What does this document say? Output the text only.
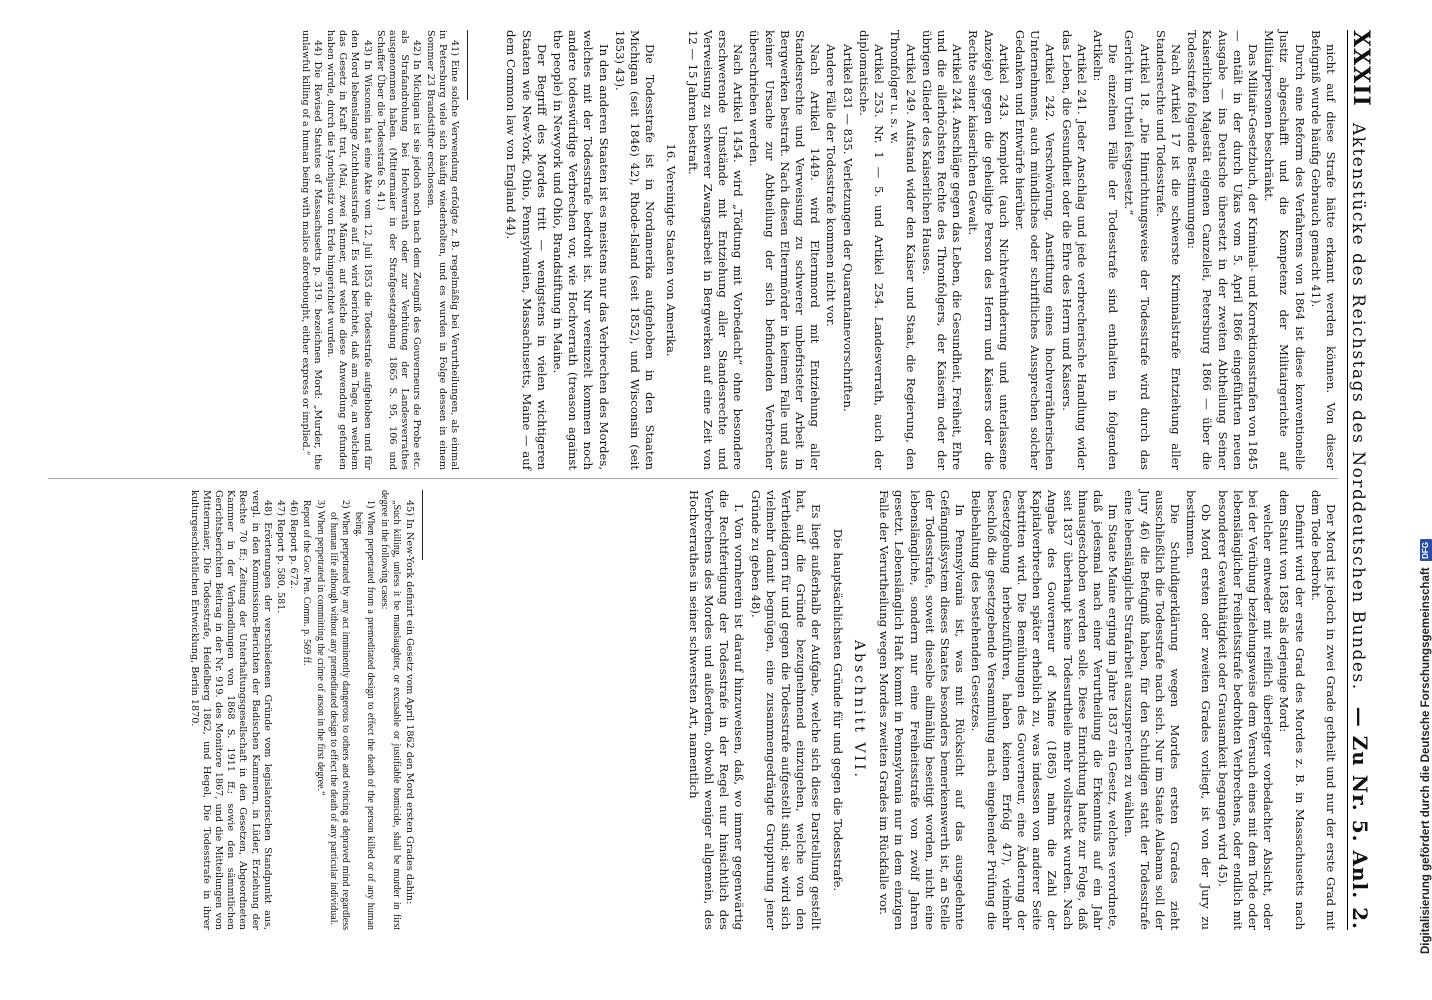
XXXII
Aktenstücke des Reichstags des Norddeutschen Bundes.
— Zu Nr. 5. Anl. 2.

nicht auf diese Strafe hätte erkannt werden können. Von dieser Befugniß wurde häufig Gebrauch gemacht 41).

Durch eine Reform des Verfahrens von 1864 ist diese konventionelle Justiz abgeschafft und die Kompetenz der Militairgerichte auf Militairpersonen beschränkt.

Das Militair-Gesetzbuch, der Kriminal- und Korrektionsstrafen von 1845 — entält in der durch Ukas vom 5. April 1866 eingeführten neuen Ausgabe — ins Deutsche übersetzt in der zweiten Abtheilung Seiner Kaiserlichen Majestät eigenen Canzellei, Petersburg 1866 — über die Todesstrafe folgende Bestimmungen:

Nach Artikel 17 ist die schwerste Kriminalstrafe Entziehung aller Standesrechte und Todesstrafe.

Artikel 18. „Die Hinrichtungsweise der Todesstrafe wird durch das Gericht im Urtheil festgesetzt.“

Die einzelnen Fälle der Todesstrafe sind enthalten in folgenden Artikeln:

Artikel 241. Jeder Anschlag und jede verbrecherische Handlung wider das Leben, die Gesundheit oder die Ehre des Herrn und Kaisers.

Artikel 242. Verschwörung, Anstiftung eines hochverrätherischen Unternehmens, auch mündliches oder schriftliches Aussprechen solcher Gedanken und Entwürfe hierüber.

Artikel 243. Komplott (auch Nichtverhinderung und unterlassene Anzeige) gegen die geheiligte Person des Herrn und Kaisers oder die Rechte seiner kaiserlichen Gewalt.

Artikel 244. Anschläge gegen das Leben, die Gesundheit, Freiheit, Ehre und die allerhöchsten Rechte des Thronfolgers, der Kaiserin oder der übrigen Glieder des Kaiserlichen Hauses.

Artikel 249. Aufstand wider den Kaiser und Staat, die Regierung, den Thronfolger u. s. w.

Artikel 253. Nr. 1 — 5. und Artikel 254. Landesverrath, auch der diplomatische.

Artikel 831 — 835. Verletzungen der Quarantainevorschriften.

Andere Fälle der Todesstrafe kommen nicht vor.

Nach Artikel 1449. wird Elternmord mit Entziehung aller Standesrechte und Verweisung zu schwerer unbefristeter Arbeit in Bergwerken bestraft. Nach diesen Elternmörder in keinem Falle und aus keiner Ursache zur Abtheilung der sich befindenden Verbrecher überschrieben werden.

Nach Artikel 1454. wird „Tödtung mit Vorbedacht“ ohne besondere erschwerende Umstände mit Entziehung aller Standesrechte und Verweisung zu schwerer Zwangsarbeit in Bergwerken auf eine Zeit von 12 — 15 Jahren bestraft.

16. Vereinigte Staaten von Amerika.

Die Todesstrafe ist in Nordamerika aufgehoben in den Staaten Michigan (seit 1846) 42), Rhode-Island (seit 1852), und Wisconsin (seit 1853) 43).

In den anderen Staaten ist es meistens nur das Verbrechen des Mordes, welches mit der Todesstrafe bedroht ist. Nur vereinzelt kommen noch andere todeswürdige Verbrechen vor, wie Hochverrath (treason against the people) in Newyork und Ohio, Brandstiftung in Maine.

Der Begriff des Mordes tritt — wenigstens in vielen wichtigeren Staaten wie New-York, Ohio, Pennsylvanien, Massachusetts, Maine — auf dem Common law von England 44).

41) Eine solche Verwendung erfolgte z. B. regelmäßig bei Verurtheilungen, als einmal in Petersburg viele sich häufig wiederholten, und es wurden in Folge dessen in einem Sommer 23 Brandstifter erschossen.

42) In Michigan ist sie jedoch noch nach dem Zeugniß des Gouverneurs de Probe etc. als Strafandrohung bei Hochverrath oder zur Verhütung der Landesverrathes ausgenommen haben. (Mittermaier in der Strafgesetzgebung 1865 S. 95, 106 und Schaffer Über die Todesstrafe S. 41.)

43) In Wisconsin hat eine Akte vom 12. Juli 1853 die Todesstrafe aufgehoben und für den Mord lebenslange Zuchthausstrafe auf. Es wird berichtet, daß am Tage, an welchem das Gesetz in Kraft trat, (Mai, zwei Männer, auf welche diese Anwendung gefunden haben würde, durch die Lynchjustiz von Erde hingerichtet wurden.

44) Die Revised Statutes of Massachusetts p. 319. bezeichnen Mord: „Murder, the unlawful killing of a human being with malice aforethought, either express or implied.“

Der Mord ist jedoch in zwei Grade getheilt und nur der erste Grad mit dem Tode bedroht.

Definirt wird der erste Grad des Mordes z. B. in Massachusetts nach dem Statut von 1858 als derjenige Mord:

welcher entweder mit reiflich überlegter vorbedachter Absicht, oder bei der Verübung beziehungsweise dem Versuch eines mit dem Tode oder lebenslänglicher Freiheitsstrafe bedrohten Verbrechens, oder endlich mit besonderer Gewaltthätigkeit oder Grausamkeit begangen wird 45).

Ob Mord ersten oder zweiten Grades vorliegt, ist von der Jury zu bestimmen.

Die Schuldigerklärung wegen Mordes ersten Grades zieht ausschließlich die Todesstrafe nach sich. Nur im Staate Alabama soll der Jury 46) die Befugniß haben, für den Schuldigen statt der Todesstrafe eine lebenslängliche Strafarbeit auszusprechen zu wählen.

Im Staate Maine erging im Jahre 1837 ein Gesetz, welches verordnete, daß jedesmal nach einer Verurtheilung die Erkenntnis auf ein Jahr hinausgeschoben werden solle. Diese Einrichtung hatte zur Folge, daß seit 1837 überhaupt keine Todesurtheile mehr vollstreckt wurden. Nach Angabe des Gouverneur of Maine (1865) nahm die Zahl der Kapitalverbrechen später erheblich zu, was indessen von anderer Seite bestritten wird. Die Bemühungen des Gouverneur, eine Änderung der Gesetzgebung herbeizuführen, haben keinen Erfolg 47), vielmehr beschloß die gesetzgebende Versammlung nach eingehender Prüfung die Beibehaltung des bestehenden Gesetzes.

In Pennsylvania ist, was mit Rücksicht auf das ausgedehnte Gefängnißsystem dieses Staates besonders bemerkenswerth ist, an Stelle der Todesstrafe, soweit dieselbe allmählig beseitigt worden, nicht eine lebenslängliche, sondern nur eine Freiheitsstrafe von zwölf Jahren gesetzt. Lebenslänglich Haft kommt in Pennsylvania nur in dem einzigen Falle der Verurtheilung wegen Mordes zweiten Grades im Rückfalle vor.

Abschnitt VII.

Die hauptsächlichsten Gründe für und gegen die Todesstrafe.

Es liegt außerhalb der Aufgabe, welche sich diese Darstellung gestellt hat, auf die Gründe bezugnehmend einzugehen, welche von den Vertheidigern für und gegen die Todesstrafe aufgestellt sind; sie wird sich vielmehr damit begnügen, eine zusammengedrängte Gruppirung jener Gründe zu geben 48).

I. Von vornherein ist darauf hinzuweisen, daß, wo immer gegenwärtig die Rechtfertigung der Todesstrafe in der Regel nur hinsichtlich des Verbrechens des Mordes und außerdem, obwohl weniger allgemein, des Hochverrathes in seiner schwersten Art, namentlich

45) In New-York definirt ein Gesetz vom April 1862 den Mord ersten Grades dahin:

„Such killing, unless it be manslaughter, or excusable or justifiable homicide, shall be murder in first degree in the following cases:

1) When perpetrated from a premeditated design to effect the death of the person killed or of any human being.

2) When perpetrated by any act imminently dangerous to others and evincing a depraved mind regardless of human life although without any premeditated design to effect the death of any particular individual.

3) When perpetrated in committing the crime of arson in the first degree.“

Report of the Gov. Pen. Comm. p. 569 ff.

46) Report p. 672.

47) Report p. 580, 581.

48) Erörterungen der verschiedenen Gründe vom legislatorischen Standpunkt aus, vergl. in den Kommissions-Berichten der Badischen Kammern, in Lüder, Erziehung der Rechte 70 ff.; Zeitung der Unterhaltungsgesellschaft in den Gesetzen, Abgeordneten Kammer in der Verhandlungen von 1868 S. 1911 ff.; sowie den sämmtlichen Gerichtsberichten Beitrag in der Nr. 919. des Monitore 1867, und die Mitteilungen von Mittermaier, Die Todesstrafe, Heidelberg 1862, und Hegel, Die Todesstrafe in ihrer kulturgeschichtlichen Entwicklung, Berlin 1870.	Digitalisierung gefördert durch die Deutsche Forschungsgemeinschaft
DFG
